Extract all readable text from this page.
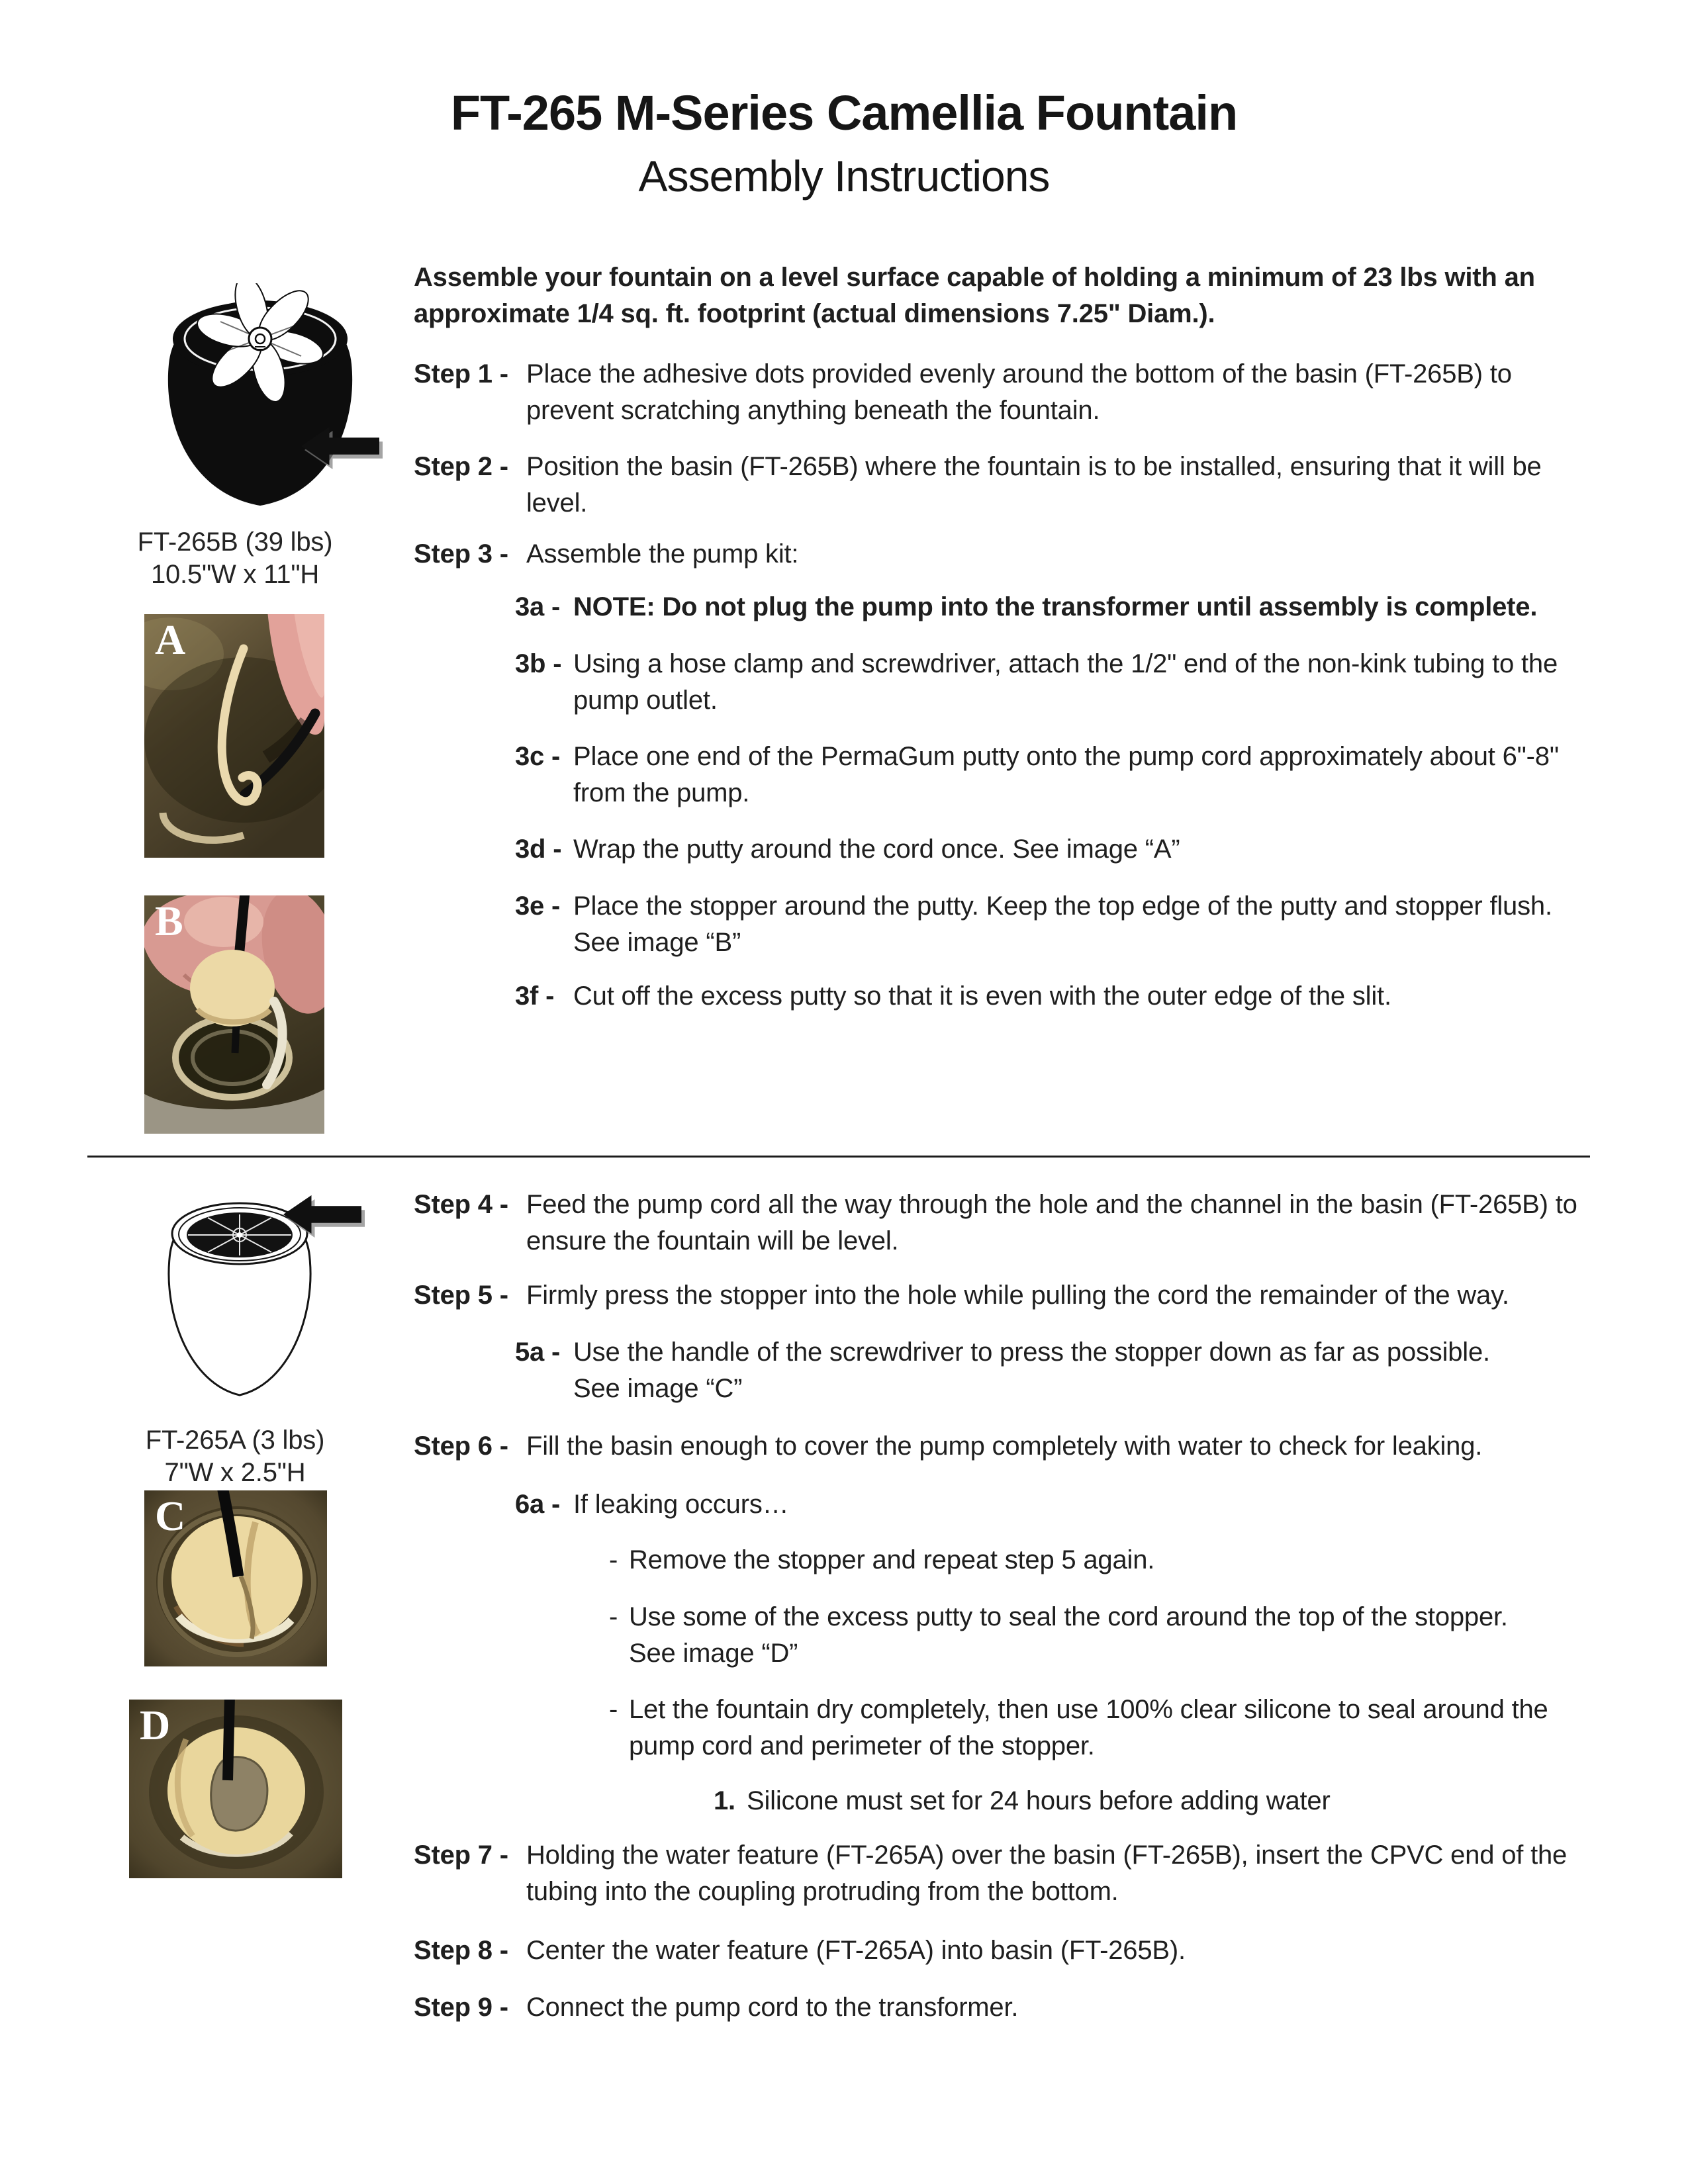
FT-265 M-Series Camellia Fountain
Assembly Instructions
FT-265B (39 lbs)
10.5"W x 11"H
A
B
FT-265A (3 lbs)
7"W x 2.5"H
C
D
Assemble your fountain on a level surface capable of holding a minimum of 23 lbs with an approximate 1/4 sq. ft. footprint (actual dimensions 7.25" Diam.).
Step 1 - Place the adhesive dots provided evenly around the bottom of the basin (FT-265B) to prevent scratching anything beneath the fountain.
Step 2 - Position the basin (FT-265B) where the fountain is to be installed, ensuring that it will be level.
Step 3 - Assemble the pump kit:
3a - NOTE: Do not plug the pump into the transformer until assembly is complete.
3b - Using a hose clamp and screwdriver, attach the 1/2" end of the non-kink tubing to the pump outlet.
3c - Place one end of the PermaGum putty onto the pump cord approximately about 6"-8" from the pump.
3d - Wrap the putty around the cord once. See image “A”
3e - Place the stopper around the putty. Keep the top edge of the putty and stopper flush.
See image “B”
3f - Cut off the excess putty so that it is even with the outer edge of the slit.
Step 4 - Feed the pump cord all the way through the hole and the channel in the basin (FT-265B) to ensure the fountain will be level.
Step 5 - Firmly press the stopper into the hole while pulling the cord the remainder of the way.
5a - Use the handle of the screwdriver to press the stopper down as far as possible.
See image “C”
Step 6 - Fill the basin enough to cover the pump completely with water to check for leaking.
6a - If leaking occurs…
- Remove the stopper and repeat step 5 again.
- Use some of the excess putty to seal the cord around the top of the stopper.
See image “D”
- Let the fountain dry completely, then use 100% clear silicone to seal around the pump cord and perimeter of the stopper.
1. Silicone must set for 24 hours before adding water
Step 7 - Holding the water feature (FT-265A) over the basin (FT-265B), insert the CPVC end of the tubing into the coupling protruding from the bottom.
Step 8 - Center the water feature (FT-265A) into basin (FT-265B).
Step 9 - Connect the pump cord to the transformer.
